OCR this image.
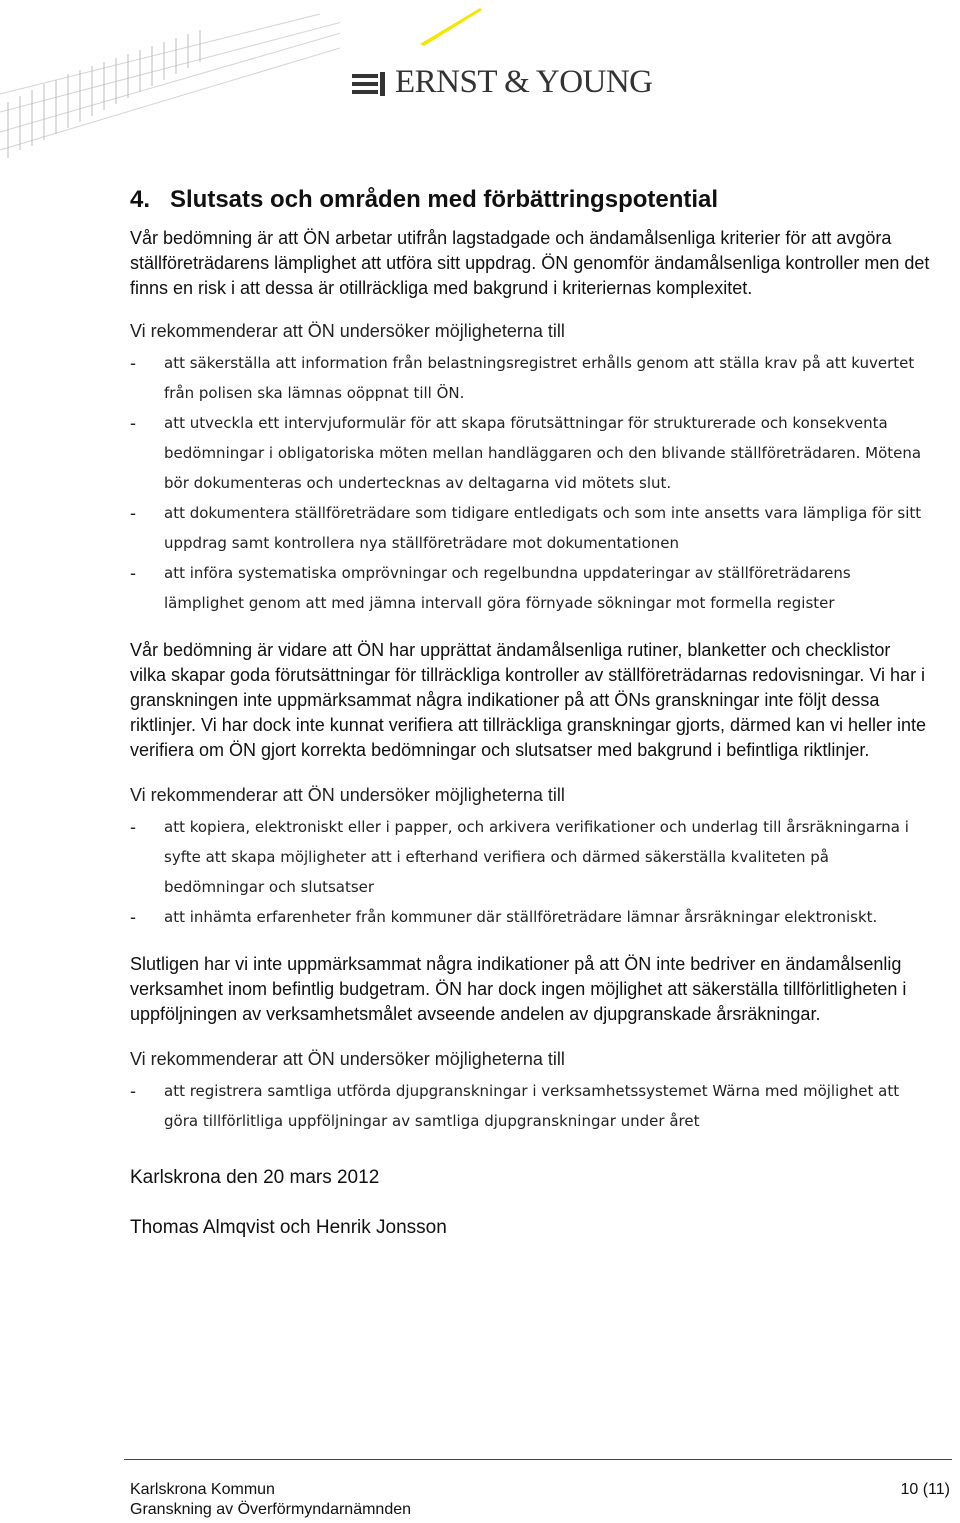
ERNST & YOUNG
4. Slutsats och områden med förbättringspotential

Vår bedömning är att ÖN arbetar utifrån lagstadgade och ändamålsenliga kriterier för att avgöra ställföreträdarens lämplighet att utföra sitt uppdrag. ÖN genomför ändamålsenliga kontroller men det finns en risk i att dessa är otillräckliga med bakgrund i kriteriernas komplexitet.

Vi rekommenderar att ÖN undersöker möjligheterna till

- att säkerställa att information från belastningsregistret erhålls genom att ställa krav på att kuvertet från polisen ska lämnas oöppnat till ÖN.
- att utveckla ett intervjuformulär för att skapa förutsättningar för strukturerade och konsekventa bedömningar i obligatoriska möten mellan handläggaren och den blivande ställföreträdaren. Mötena bör dokumenteras och undertecknas av deltagarna vid mötets slut.
- att dokumentera ställföreträdare som tidigare entledigats och som inte ansetts vara lämpliga för sitt uppdrag samt kontrollera nya ställföreträdare mot dokumentationen
- att införa systematiska omprövningar och regelbundna uppdateringar av ställföreträdarens lämplighet genom att med jämna intervall göra förnyade sökningar mot formella register

Vår bedömning är vidare att ÖN har upprättat ändamålsenliga rutiner, blanketter och checklistor vilka skapar goda förutsättningar för tillräckliga kontroller av ställföreträdarnas redovisningar. Vi har i granskningen inte uppmärksammat några indikationer på att ÖNs granskningar inte följt dessa riktlinjer. Vi har dock inte kunnat verifiera att tillräckliga granskningar gjorts, därmed kan vi heller inte verifiera om ÖN gjort korrekta bedömningar och slutsatser med bakgrund i befintliga riktlinjer.

Vi rekommenderar att ÖN undersöker möjligheterna till

- att kopiera, elektroniskt eller i papper, och arkivera verifikationer och underlag till årsräkningarna i syfte att skapa möjligheter att i efterhand verifiera och därmed säkerställa kvaliteten på bedömningar och slutsatser
- att inhämta erfarenheter från kommuner där ställföreträdare lämnar årsräkningar elektroniskt.

Slutligen har vi inte uppmärksammat några indikationer på att ÖN inte bedriver en ändamålsenlig verksamhet inom befintlig budgetram. ÖN har dock ingen möjlighet att säkerställa tillförlitligheten i uppföljningen av verksamhetsmålet avseende andelen av djupgranskade årsräkningar.

Vi rekommenderar att ÖN undersöker möjligheterna till

- att registrera samtliga utförda djupgranskningar i verksamhetssystemet Wärna med möjlighet att göra tillförlitliga uppföljningar av samtliga djupgranskningar under året

Karlskrona den 20 mars 2012

Thomas Almqvist och Henrik Jonsson

Karlskrona Kommun
Granskning av Överförmyndarnämnden
10 (11)
